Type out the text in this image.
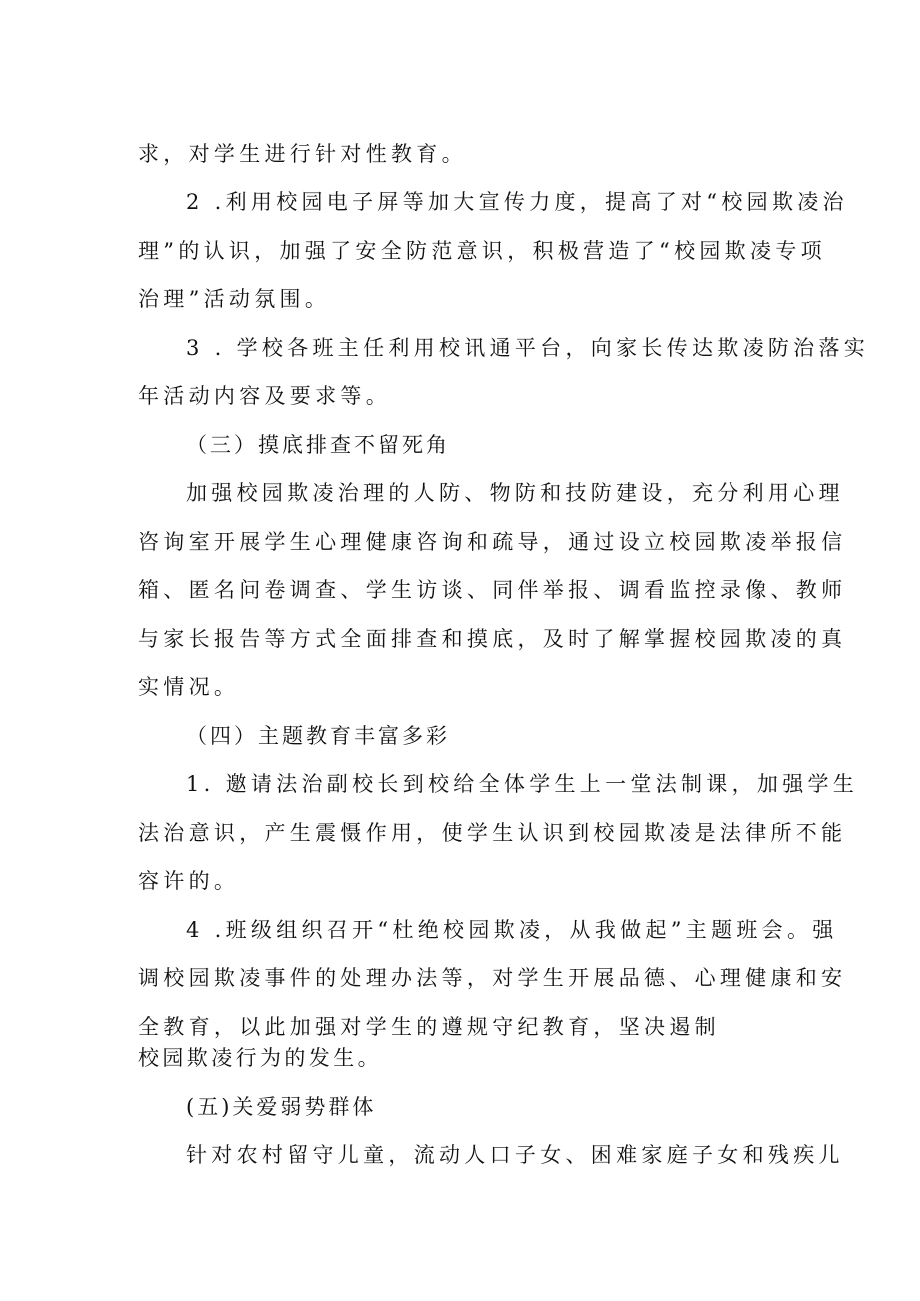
求，对学生进行针对性教育。
2 .利用校园电子屏等加大宣传力度，提高了对“校园欺凌治
理”的认识，加强了安全防范意识，积极营造了“校园欺凌专项
治理”活动氛围。
3 . 学校各班主任利用校讯通平台，向家长传达欺凌防治落实
年活动内容及要求等。
（三）摸底排查不留死角
加强校园欺凌治理的人防、物防和技防建设，充分利用心理
咨询室开展学生心理健康咨询和疏导，通过设立校园欺凌举报信
箱、匿名问卷调查、学生访谈、同伴举报、调看监控录像、教师
与家长报告等方式全面排查和摸底，及时了解掌握校园欺凌的真
实情况。
（四）主题教育丰富多彩
1. 邀请法治副校长到校给全体学生上一堂法制课，加强学生
法治意识，产生震慑作用，使学生认识到校园欺凌是法律所不能
容许的。
4 .班级组织召开“杜绝校园欺凌，从我做起”主题班会。强
调校园欺凌事件的处理办法等，对学生开展品德、心理健康和安
全教育，以此加强对学生的遵规守纪教育，坚决遏制
校园欺凌行为的发生。
(五)关爱弱势群体
针对农村留守儿童，流动人口子女、困难家庭子女和残疾儿
